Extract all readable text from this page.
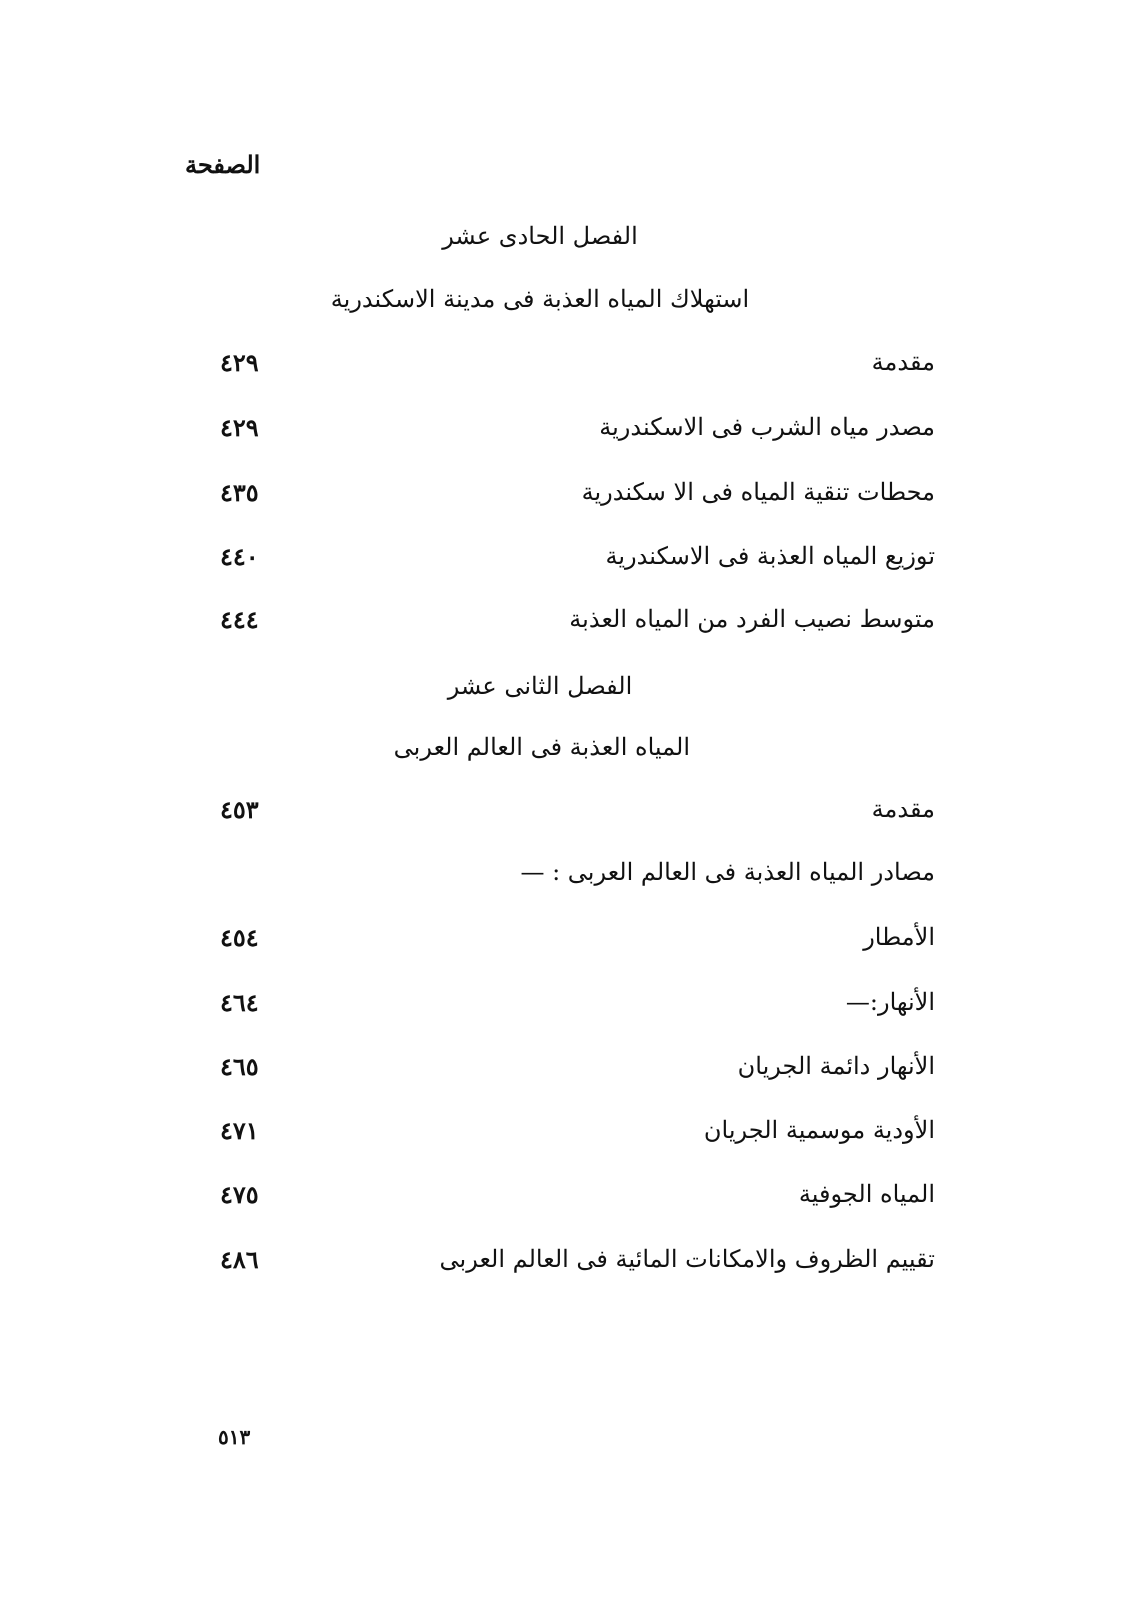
الصفحة
الفصل الحادى عشر
استهلاك المياه العذبة فى مدينة الاسكندرية
مقدمة
٤٢٩
مصدر مياه الشرب فى الاسكندرية
٤٢٩
محطات تنقية المياه فى الا سكندرية
٤٣٥
توزيع المياه العذبة فى الاسكندرية
٤٤٠
متوسط نصيب الفرد من المياه العذبة
٤٤٤
الفصل الثانى عشر
المياه العذبة فى العالم العربى
مقدمة
٤٥٣
مصادر المياه العذبة فى العالم العربى : —
الأمطار
٤٥٤
الأنهار:—
٤٦٤
الأنهار دائمة الجريان
٤٦٥
الأودية موسمية الجريان
٤٧١
المياه الجوفية
٤٧٥
تقييم الظروف والامكانات المائية فى العالم العربى
٤٨٦
٥١٣
